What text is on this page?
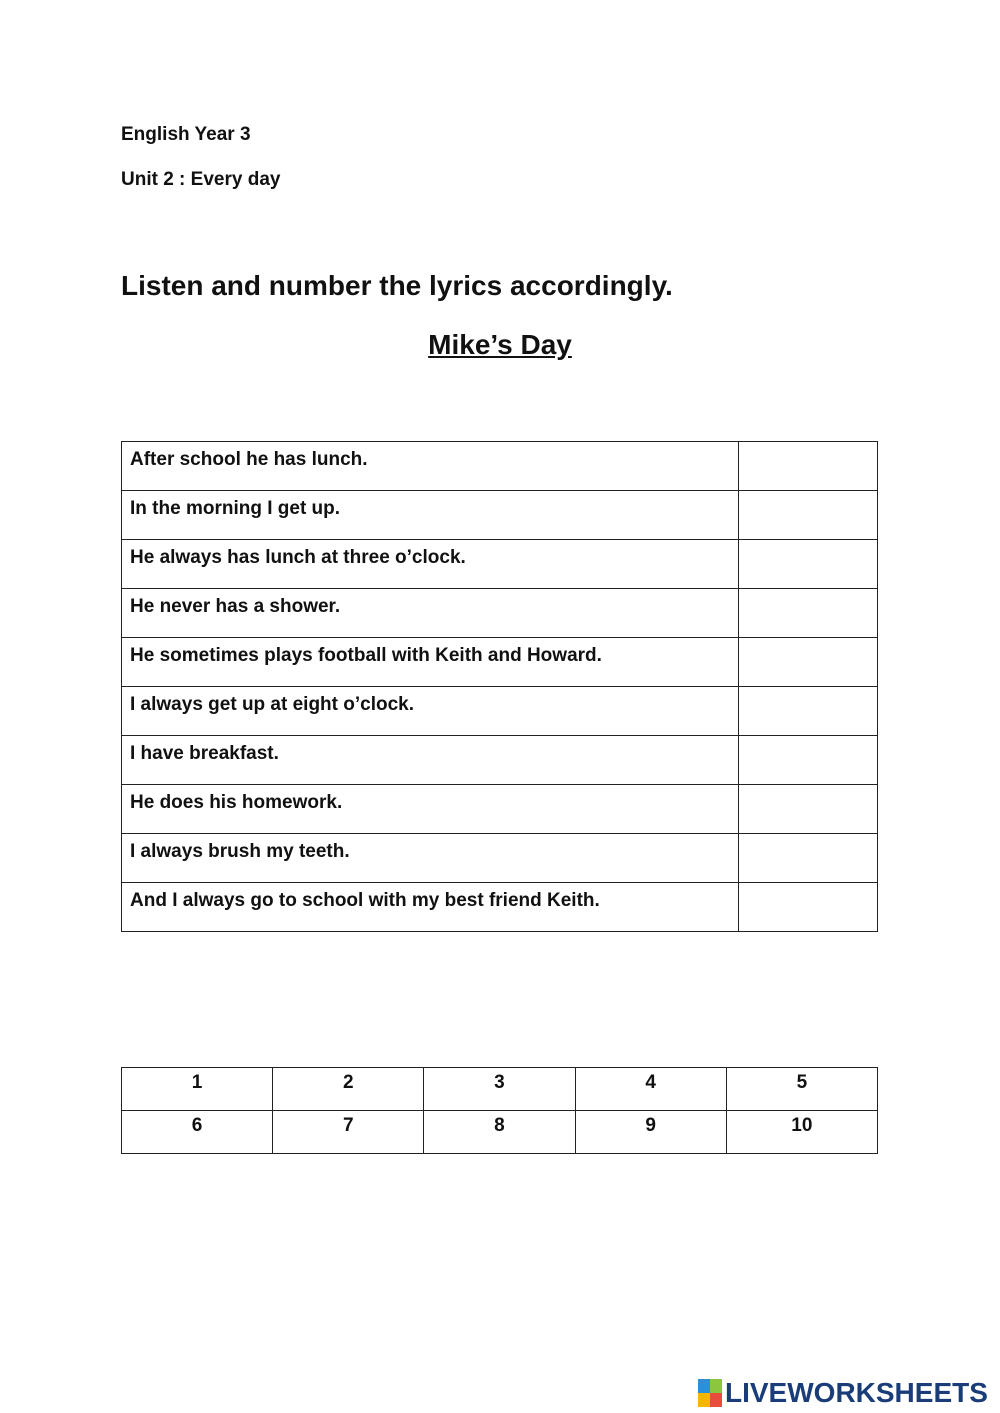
English Year 3
Unit 2 : Every day
Listen and number the lyrics accordingly.
Mike’s Day
After school he has lunch.	
In the morning I get up.	
He always has lunch at three o’clock.	
He never has a shower.	
He sometimes plays football with Keith and Howard.	
I always get up at eight o’clock.	
I have breakfast.	
He does his homework.	
I always brush my teeth.	
And I always go to school with my best friend Keith.	
1	2	3	4	5
6	7	8	9	10
LIVEWORKSHEETS
